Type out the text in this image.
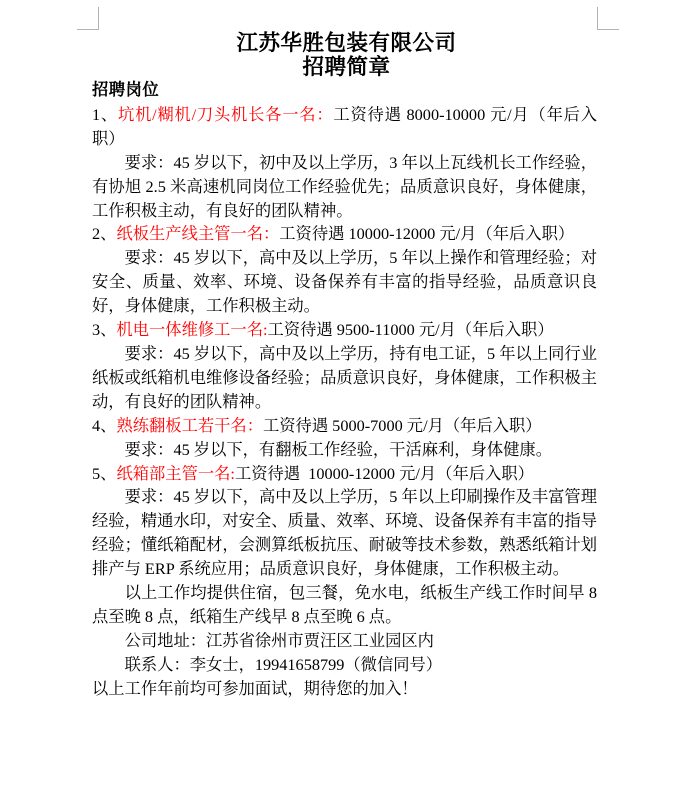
江苏华胜包装有限公司
招聘简章

招聘岗位

1、坑机/糊机/刀头机长各一名：工资待遇 8000-10000 元/月（年后入职）

要求：45 岁以下，初中及以上学历，3 年以上瓦线机长工作经验，有协旭 2.5 米高速机同岗位工作经验优先；品质意识良好，身体健康，工作积极主动，有良好的团队精神。

2、纸板生产线主管一名：工资待遇 10000-12000 元/月（年后入职）

要求：45 岁以下，高中及以上学历，5 年以上操作和管理经验；对安全、质量、效率、环境、设备保养有丰富的指导经验，品质意识良好，身体健康，工作积极主动。

3、机电一体维修工一名:工资待遇 9500-11000 元/月（年后入职）

要求：45 岁以下，高中及以上学历，持有电工证，5 年以上同行业纸板或纸箱机电维修设备经验；品质意识良好，身体健康，工作积极主动，有良好的团队精神。

4、熟练翻板工若干名：工资待遇 5000-7000 元/月（年后入职）

要求：45 岁以下，有翻板工作经验，干活麻利，身体健康。

5、纸箱部主管一名:工资待遇  10000-12000 元/月（年后入职）

要求：45 岁以下，高中及以上学历，5 年以上印刷操作及丰富管理经验，精通水印，对安全、质量、效率、环境、设备保养有丰富的指导经验；懂纸箱配材，会测算纸板抗压、耐破等技术参数，熟悉纸箱计划排产与 ERP 系统应用；品质意识良好，身体健康，工作积极主动。

以上工作均提供住宿，包三餐，免水电，纸板生产线工作时间早 8 点至晚 8 点，纸箱生产线早 8 点至晚 6 点。

公司地址：江苏省徐州市贾汪区工业园区内

联系人：李女士，19941658799（微信同号）

以上工作年前均可参加面试，期待您的加入！
